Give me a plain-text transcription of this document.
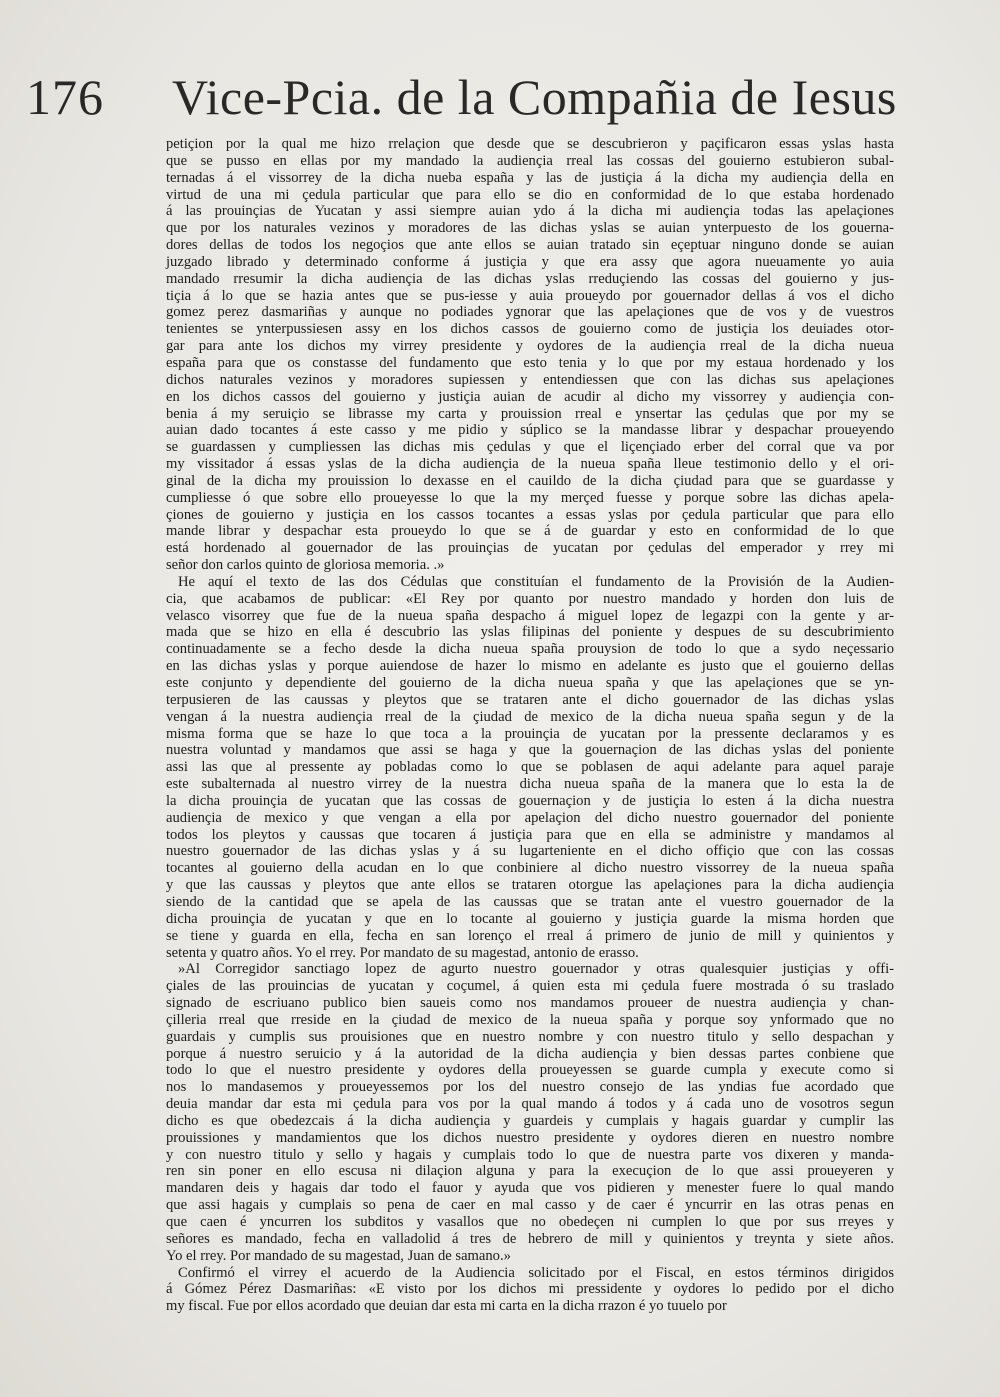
176 Vice-Pcia. de la Compañia de Iesus
petiçion por la qual me hizo rrelaçion que desde que se descubrieron y paçificaron essas yslas hasta
que se pusso en ellas por my mandado la audiençia rreal las cossas del gouierno estubieron subal-
ternadas á el vissorrey de la dicha nueba españa y las de justiçia á la dicha my audiençia della en
virtud de una mi çedula particular que para ello se dio en conformidad de lo que estaba hordenado
á las prouinçias de Yucatan y assi siempre auian ydo á la dicha mi audiençia todas las apelaçiones
que por los naturales vezinos y moradores de las dichas yslas se auian ynterpuesto de los gouerna-
dores dellas de todos los negoçios que ante ellos se auian tratado sin eçeptuar ninguno donde se auian
juzgado librado y determinado conforme á justiçia y que era assy que agora nueuamente yo auia
mandado rresumir la dicha audiençia de las dichas yslas rreduçiendo las cossas del gouierno y jus-
tiçia á lo que se hazia antes que se pus-iesse y auia proueydo por gouernador dellas á vos el dicho
gomez perez dasmariñas y aunque no podiades ygnorar que las apelaçiones que de vos y de vuestros
tenientes se ynterpussiesen assy en los dichos cassos de gouierno como de justiçia los deuiades otor-
gar para ante los dichos my virrey presidente y oydores de la audiençia rreal de la dicha nueua
españa para que os constasse del fundamento que esto tenia y lo que por my estaua hordenado y los
dichos naturales vezinos y moradores supiessen y entendiessen que con las dichas sus apelaçiones
en los dichos cassos del gouierno y justiçia auian de acudir al dicho my vissorrey y audiençia con-
benia á my seruiçio se librasse my carta y prouission rreal e ynsertar las çedulas que por my se
auian dado tocantes á este casso y me pidio y súplico se la mandasse librar y despachar proueyendo
se guardassen y cumpliessen las dichas mis çedulas y que el liçençiado erber del corral que va por
my vissitador á essas yslas de la dicha audiençia de la nueua spaña lleue testimonio dello y el ori-
ginal de la dicha my prouission lo dexasse en el cauildo de la dicha çiudad para que se guardasse y
cumpliesse ó que sobre ello proueyesse lo que la my merçed fuesse y porque sobre las dichas apela-
çiones de gouierno y justiçia en los cassos tocantes a essas yslas por çedula particular que para ello
mande librar y despachar esta proueydo lo que se á de guardar y esto en conformidad de lo que
está hordenado al gouernador de las prouinçias de yucatan por çedulas del emperador y rrey mi
señor don carlos quinto de gloriosa memoria. .»
He aquí el texto de las dos Cédulas que constituían el fundamento de la Provisión de la Audien-
cia, que acabamos de publicar: «El Rey por quanto por nuestro mandado y horden don luis de
velasco visorrey que fue de la nueua spaña despacho á miguel lopez de legazpi con la gente y ar-
mada que se hizo en ella é descubrio las yslas filipinas del poniente y despues de su descubrimiento
continuadamente se a fecho desde la dicha nueua spaña prouysion de todo lo que a sydo neçessario
en las dichas yslas y porque auiendose de hazer lo mismo en adelante es justo que el gouierno dellas
este conjunto y dependiente del gouierno de la dicha nueua spaña y que las apelaçiones que se yn-
terpusieren de las caussas y pleytos que se trataren ante el dicho gouernador de las dichas yslas
vengan á la nuestra audiençia rreal de la çiudad de mexico de la dicha nueua spaña segun y de la
misma forma que se haze lo que toca a la prouinçia de yucatan por la pressente declaramos y es
nuestra voluntad y mandamos que assi se haga y que la gouernaçion de las dichas yslas del poniente
assi las que al pressente ay pobladas como lo que se poblasen de aqui adelante para aquel paraje
este subalternada al nuestro virrey de la nuestra dicha nueua spaña de la manera que lo esta la de
la dicha prouinçia de yucatan que las cossas de gouernaçion y de justiçia lo esten á la dicha nuestra
audiençia de mexico y que vengan a ella por apelaçion del dicho nuestro gouernador del poniente
todos los pleytos y caussas que tocaren á justiçia para que en ella se administre y mandamos al
nuestro gouernador de las dichas yslas y á su lugarteniente en el dicho offiçio que con las cossas
tocantes al gouierno della acudan en lo que conbiniere al dicho nuestro vissorrey de la nueua spaña
y que las caussas y pleytos que ante ellos se trataren otorgue las apelaçiones para la dicha audiençia
siendo de la cantidad que se apela de las caussas que se tratan ante el vuestro gouernador de la
dicha prouinçia de yucatan y que en lo tocante al gouierno y justiçia guarde la misma horden que
se tiene y guarda en ella, fecha en san lorenço el rreal á primero de junio de mill y quinientos y
setenta y quatro años. Yo el rrey. Por mandato de su magestad, antonio de erasso.
»Al Corregidor sanctiago lopez de agurto nuestro gouernador y otras qualesquier justiçias y offi-
çiales de las prouincias de yucatan y coçumel, á quien esta mi çedula fuere mostrada ó su traslado
signado de escriuano publico bien saueis como nos mandamos proueer de nuestra audiençia y chan-
çilleria rreal que rreside en la çiudad de mexico de la nueua spaña y porque soy ynformado que no
guardais y cumplis sus prouisiones que en nuestro nombre y con nuestro titulo y sello despachan y
porque á nuestro seruicio y á la autoridad de la dicha audiençia y bien dessas partes conbiene que
todo lo que el nuestro presidente y oydores della proueyessen se guarde cumpla y execute como si
nos lo mandasemos y proueyessemos por los del nuestro consejo de las yndias fue acordado que
deuia mandar dar esta mi çedula para vos por la qual mando á todos y á cada uno de vosotros segun
dicho es que obedezcais á la dicha audiençia y guardeis y cumplais y hagais guardar y cumplir las
prouissiones y mandamientos que los dichos nuestro presidente y oydores dieren en nuestro nombre
y con nuestro titulo y sello y hagais y cumplais todo lo que de nuestra parte vos dixeren y manda-
ren sin poner en ello escusa ni dilaçion alguna y para la execuçion de lo que assi proueyeren y
mandaren deis y hagais dar todo el fauor y ayuda que vos pidieren y menester fuere lo qual mando
que assi hagais y cumplais so pena de caer en mal casso y de caer é yncurrir en las otras penas en
que caen é yncurren los subditos y vasallos que no obedeçen ni cumplen lo que por sus rreyes y
señores es mandado, fecha en valladolid á tres de hebrero de mill y quinientos y treynta y siete años.
Yo el rrey. Por mandado de su magestad, Juan de samano.»
Confirmó el virrey el acuerdo de la Audiencia solicitado por el Fiscal, en estos términos dirigidos
á Gómez Pérez Dasmariñas: «E visto por los dichos mi pressidente y oydores lo pedido por el dicho
my fiscal. Fue por ellos acordado que deuian dar esta mi carta en la dicha rrazon é yo tuuelo por
